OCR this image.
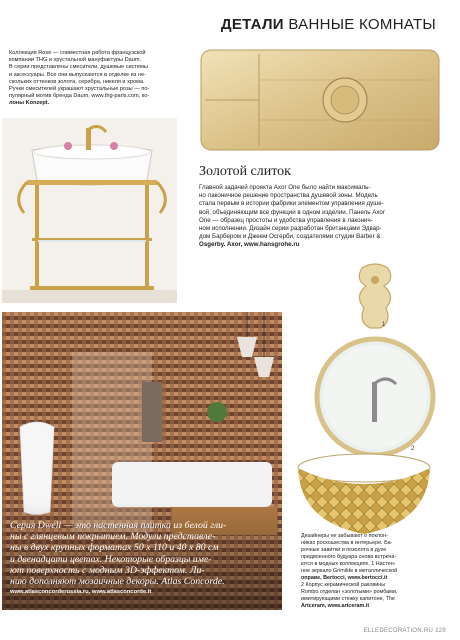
ДЕТАЛИ ВАННЫЕ КОМНАТЫ
Коллекция Rose — совместная работа французской
компании THG и хрустальной мануфактуры Daum.
В серии представлены смесители, душевые системы
и аксессуары. Все они выпускаются в отделке из не-
скольких оттенков золота, серебра, никеля и хрома.
Ручки смесителей украшают хрустальные розы — по-
пулярный мотив бренда Daum, www.thg-paris.com, ко-
лоны Konzept.
Золотой слиток
Главной задачей проекта Axor One было найти максималь-
но лаконичное решение пространства душевой зоны. Модель
стала первым в истории фабрики элементом управления душе-
вой, объединяющим все функции в одном изделии. Панель Axor
One — образец простоты и удобства управления в лаконич-
ном исполнении. Дизайн серии разработан британцами Эдвар-
дом Барбером и Джеем Осгерби, создателями студии Barber &
Osgerby. Axor, www.hansgrohe.ru
Серия Dwell — это настенная плитка из белой гли-
ны с глянцевым покрытием. Модули представле-
ны в двух крупных форматах 50 х 110 и 40 х 80 см
и двенадцати цветах. Некоторые образцы име-
ют поверхность с модным 3D-эффектом. Ли-
нию дополняют мозаичные декоры. Atlas Concorde.
www.atlasconcorderussia.ru, www.atlasconcorde.it
1
2
Дизайнеры не забывают о поклон-
никах роскошества в интерьере. Ба-
рочные завитки и позолота в духе
предвоенного будуара снова встреча-
ются в модных коллекциях. 1 Настен-
ное зеркало Grimilde в металлической
оправе, Bertocci, www.bertocci.it
2 Корпус керамической раковины
Rombo отделан «золотыми» ромбами,
имитирующими стежку капитоне, The
Artceram, www.artceram.it
ELLEDECORATION.RU 129
